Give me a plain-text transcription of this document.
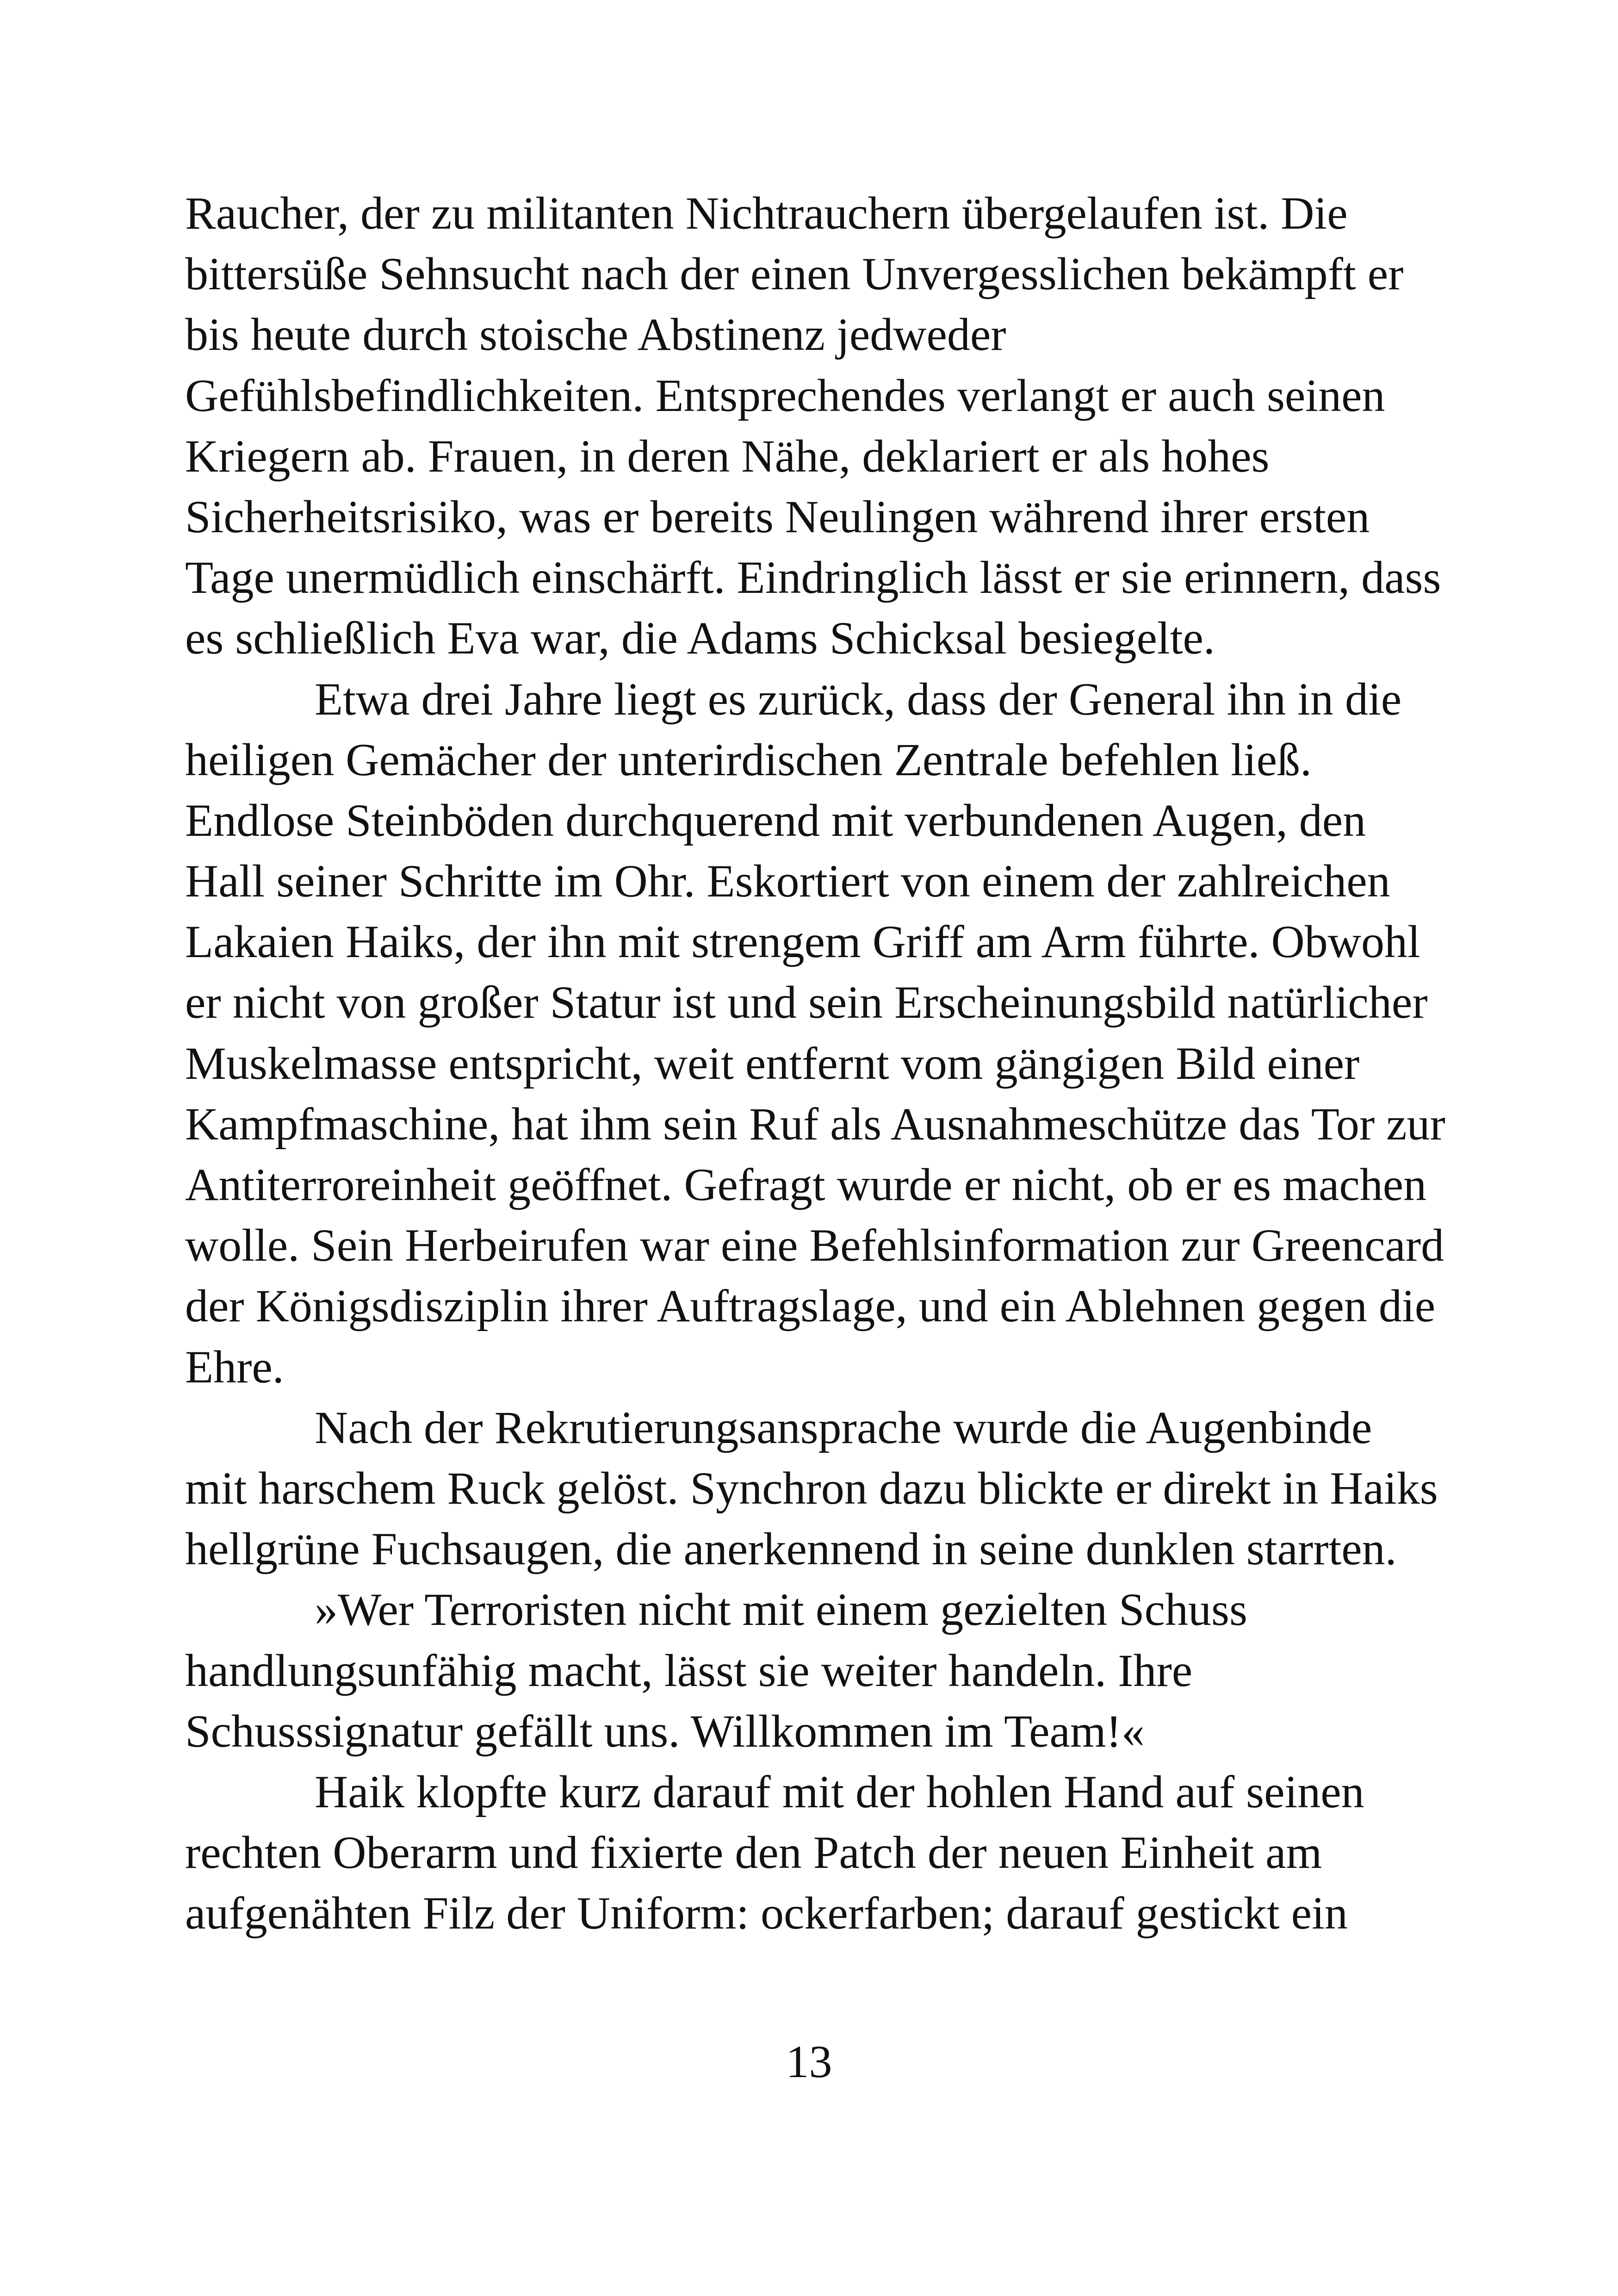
Raucher, der zu militanten Nichtrauchern übergelaufen ist. Die
bittersüße Sehnsucht nach der einen Unvergesslichen bekämpft er
bis heute durch stoische Abstinenz jedweder
Gefühlsbefindlichkeiten. Entsprechendes verlangt er auch seinen
Kriegern ab. Frauen, in deren Nähe, deklariert er als hohes
Sicherheitsrisiko, was er bereits Neulingen während ihrer ersten
Tage unermüdlich einschärft. Eindringlich lässt er sie erinnern, dass
es schließlich Eva war, die Adams Schicksal besiegelte.
Etwa drei Jahre liegt es zurück, dass der General ihn in die
heiligen Gemächer der unterirdischen Zentrale befehlen ließ.
Endlose Steinböden durchquerend mit verbundenen Augen, den
Hall seiner Schritte im Ohr. Eskortiert von einem der zahlreichen
Lakaien Haiks, der ihn mit strengem Griff am Arm führte. Obwohl
er nicht von großer Statur ist und sein Erscheinungsbild natürlicher
Muskelmasse entspricht, weit entfernt vom gängigen Bild einer
Kampfmaschine, hat ihm sein Ruf als Ausnahmeschütze das Tor zur
Antiterroreinheit geöffnet. Gefragt wurde er nicht, ob er es machen
wolle. Sein Herbeirufen war eine Befehlsinformation zur Greencard
der Königsdisziplin ihrer Auftragslage, und ein Ablehnen gegen die
Ehre.
Nach der Rekrutierungsansprache wurde die Augenbinde
mit harschem Ruck gelöst. Synchron dazu blickte er direkt in Haiks
hellgrüne Fuchsaugen, die anerkennend in seine dunklen starrten.
»Wer Terroristen nicht mit einem gezielten Schuss
handlungsunfähig macht, lässt sie weiter handeln. Ihre
Schusssignatur gefällt uns. Willkommen im Team!«
Haik klopfte kurz darauf mit der hohlen Hand auf seinen
rechten Oberarm und fixierte den Patch der neuen Einheit am
aufgenähten Filz der Uniform: ockerfarben; darauf gestickt ein
13
